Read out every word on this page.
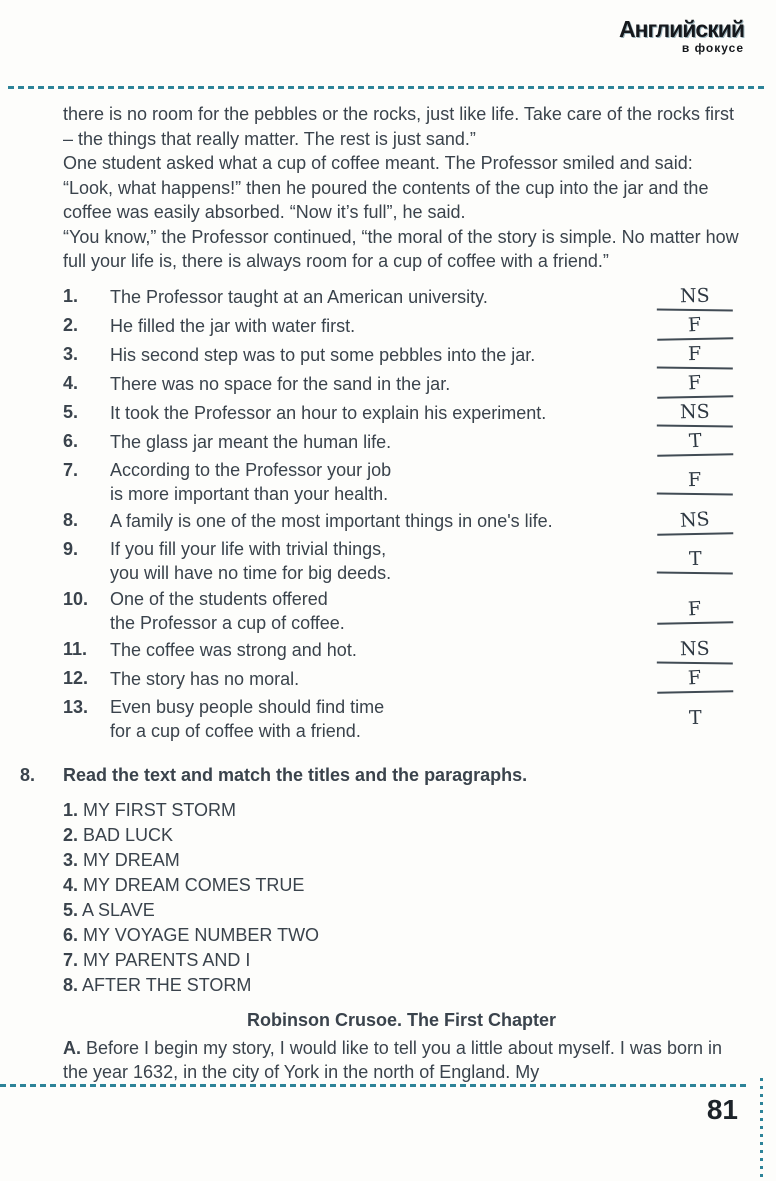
Английский
в фокусе

there is no room for the pebbles or the rocks, just like life. Take care of the rocks first – the things that really matter. The rest is just sand.”

One student asked what a cup of coffee meant. The Professor smiled and said: “Look, what happens!” then he poured the contents of the cup into the jar and the coffee was easily absorbed. “Now it’s full”, he said.

“You know,” the Professor continued, “the moral of the story is simple. No matter how full your life is, there is always room for a cup of coffee with a friend.”

1.	The Professor taught at an American university.	NS
2.	He filled the jar with water first.	F
3.	His second step was to put some pebbles into the jar.	F
4.	There was no space for the sand in the jar.	F
5.	It took the Professor an hour to explain his experiment.	NS
6.	The glass jar meant the human life.	T
7.	According to the Professor your job
is more important than your health.
F
8.	A family is one of the most important things in one's life.	NS
9.	If you fill your life with trivial things,
you will have no time for big deeds.
T
10.	One of the students offered
the Professor a cup of coffee.
F
11.	The coffee was strong and hot.	NS
12.	The story has no moral.	F
13.	Even busy people should find time
for a cup of coffee with a friend.
T
8.	Read the text and match the titles and the paragraphs.
1. MY FIRST STORM
2. BAD LUCK
3. MY DREAM
4. MY DREAM COMES TRUE
5. A SLAVE
6. MY VOYAGE NUMBER TWO
7. MY PARENTS AND I
8. AFTER THE STORM
Robinson Crusoe. The First Chapter
A. Before I begin my story, I would like to tell you a little about myself. I was born in the year 1632, in the city of York in the north of England. My
81
